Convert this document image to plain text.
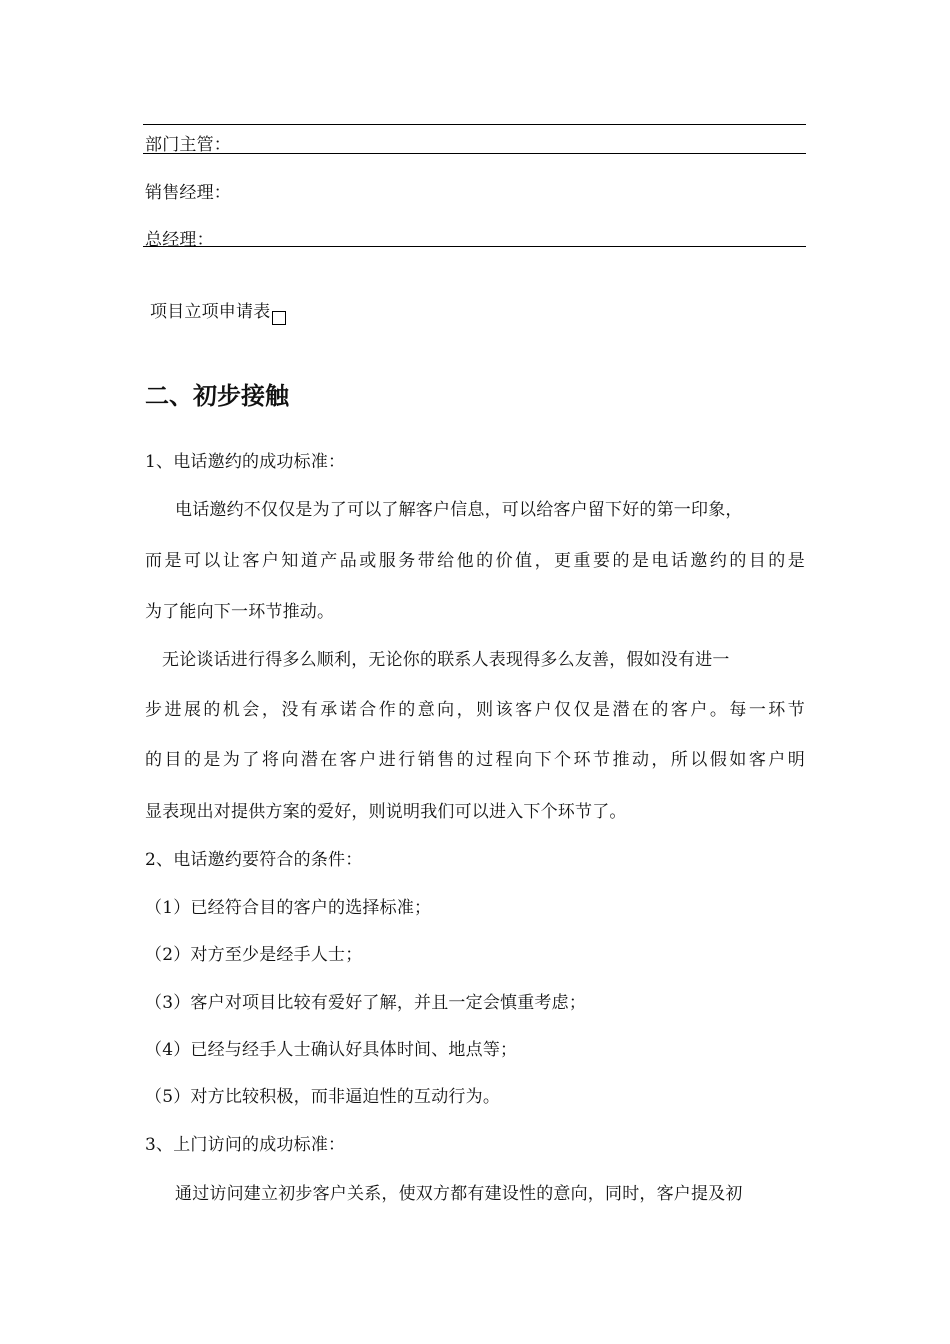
部门主管：
销售经理：
总经理：
项目立项申请表
二、初步接触
1、电话邀约的成功标准：
电话邀约不仅仅是为了可以了解客户信息，可以给客户留下好的第一印象，
而是可以让客户知道产品或服务带给他的价值，更重要的是电话邀约的目的是
为了能向下一环节推动。
无论谈话进行得多么顺利，无论你的联系人表现得多么友善，假如没有进一
步进展的机会，没有承诺合作的意向，则该客户仅仅是潜在的客户。每一环节
的目的是为了将向潜在客户进行销售的过程向下个环节推动，所以假如客户明
显表现出对提供方案的爱好，则说明我们可以进入下个环节了。
2、电话邀约要符合的条件：
（1）已经符合目的客户的选择标准；
（2）对方至少是经手人士；
（3）客户对项目比较有爱好了解，并且一定会慎重考虑；
（4）已经与经手人士确认好具体时间、地点等；
（5）对方比较积极，而非逼迫性的互动行为。
3、上门访问的成功标准：
通过访问建立初步客户关系，使双方都有建设性的意向，同时，客户提及初
